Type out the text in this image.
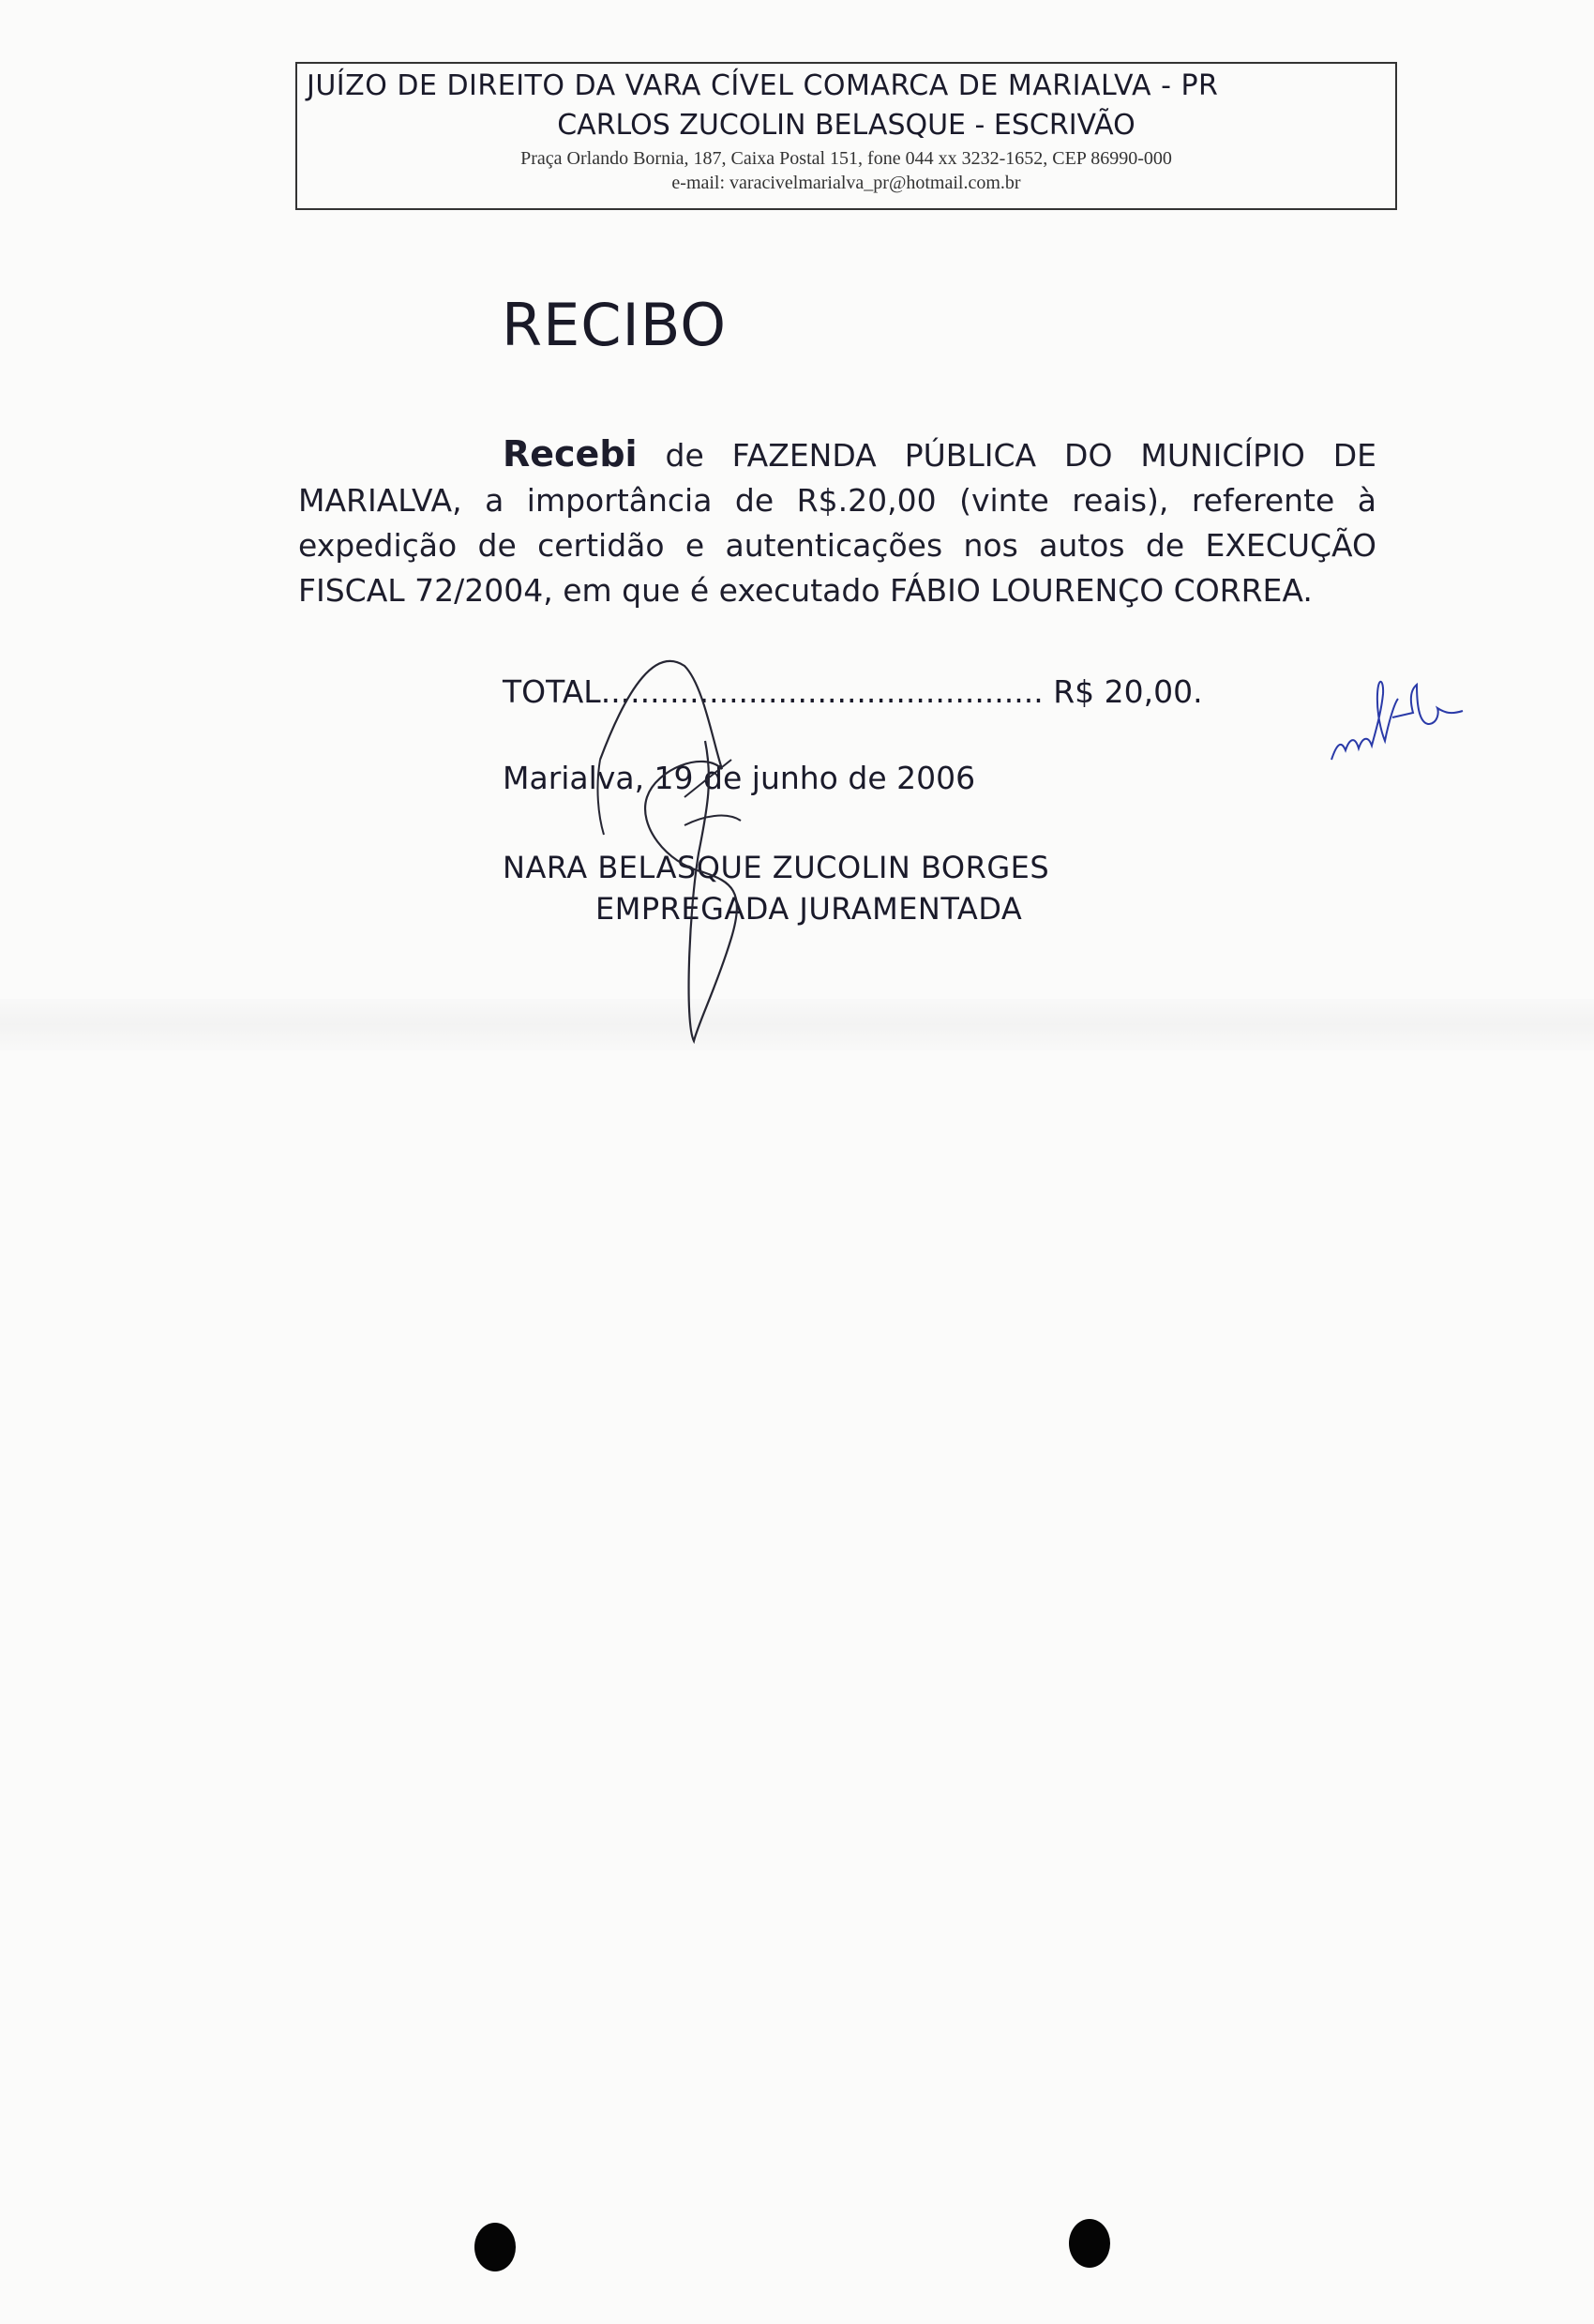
JUÍZO DE DIREITO DA VARA CÍVEL COMARCA DE MARIALVA - PR
CARLOS ZUCOLIN BELASQUE - ESCRIVÃO
Praça Orlando Bornia, 187, Caixa Postal 151, fone 044 xx 3232-1652, CEP 86990-000
e-mail: varacivelmarialva_pr@hotmail.com.br
RECIBO
Recebi de FAZENDA PÚBLICA DO MUNICÍPIO DE MARIALVA, a importância de R$.20,00 (vinte reais), referente à expedição de certidão e autenticações nos autos de EXECUÇÃO FISCAL 72/2004, em que é executado FÁBIO LOURENÇO CORREA.
TOTAL............................................. R$ 20,00.
Marialva, 19 de junho de 2006
NARA BELASQUE ZUCOLIN BORGES
EMPREGADA JURAMENTADA
